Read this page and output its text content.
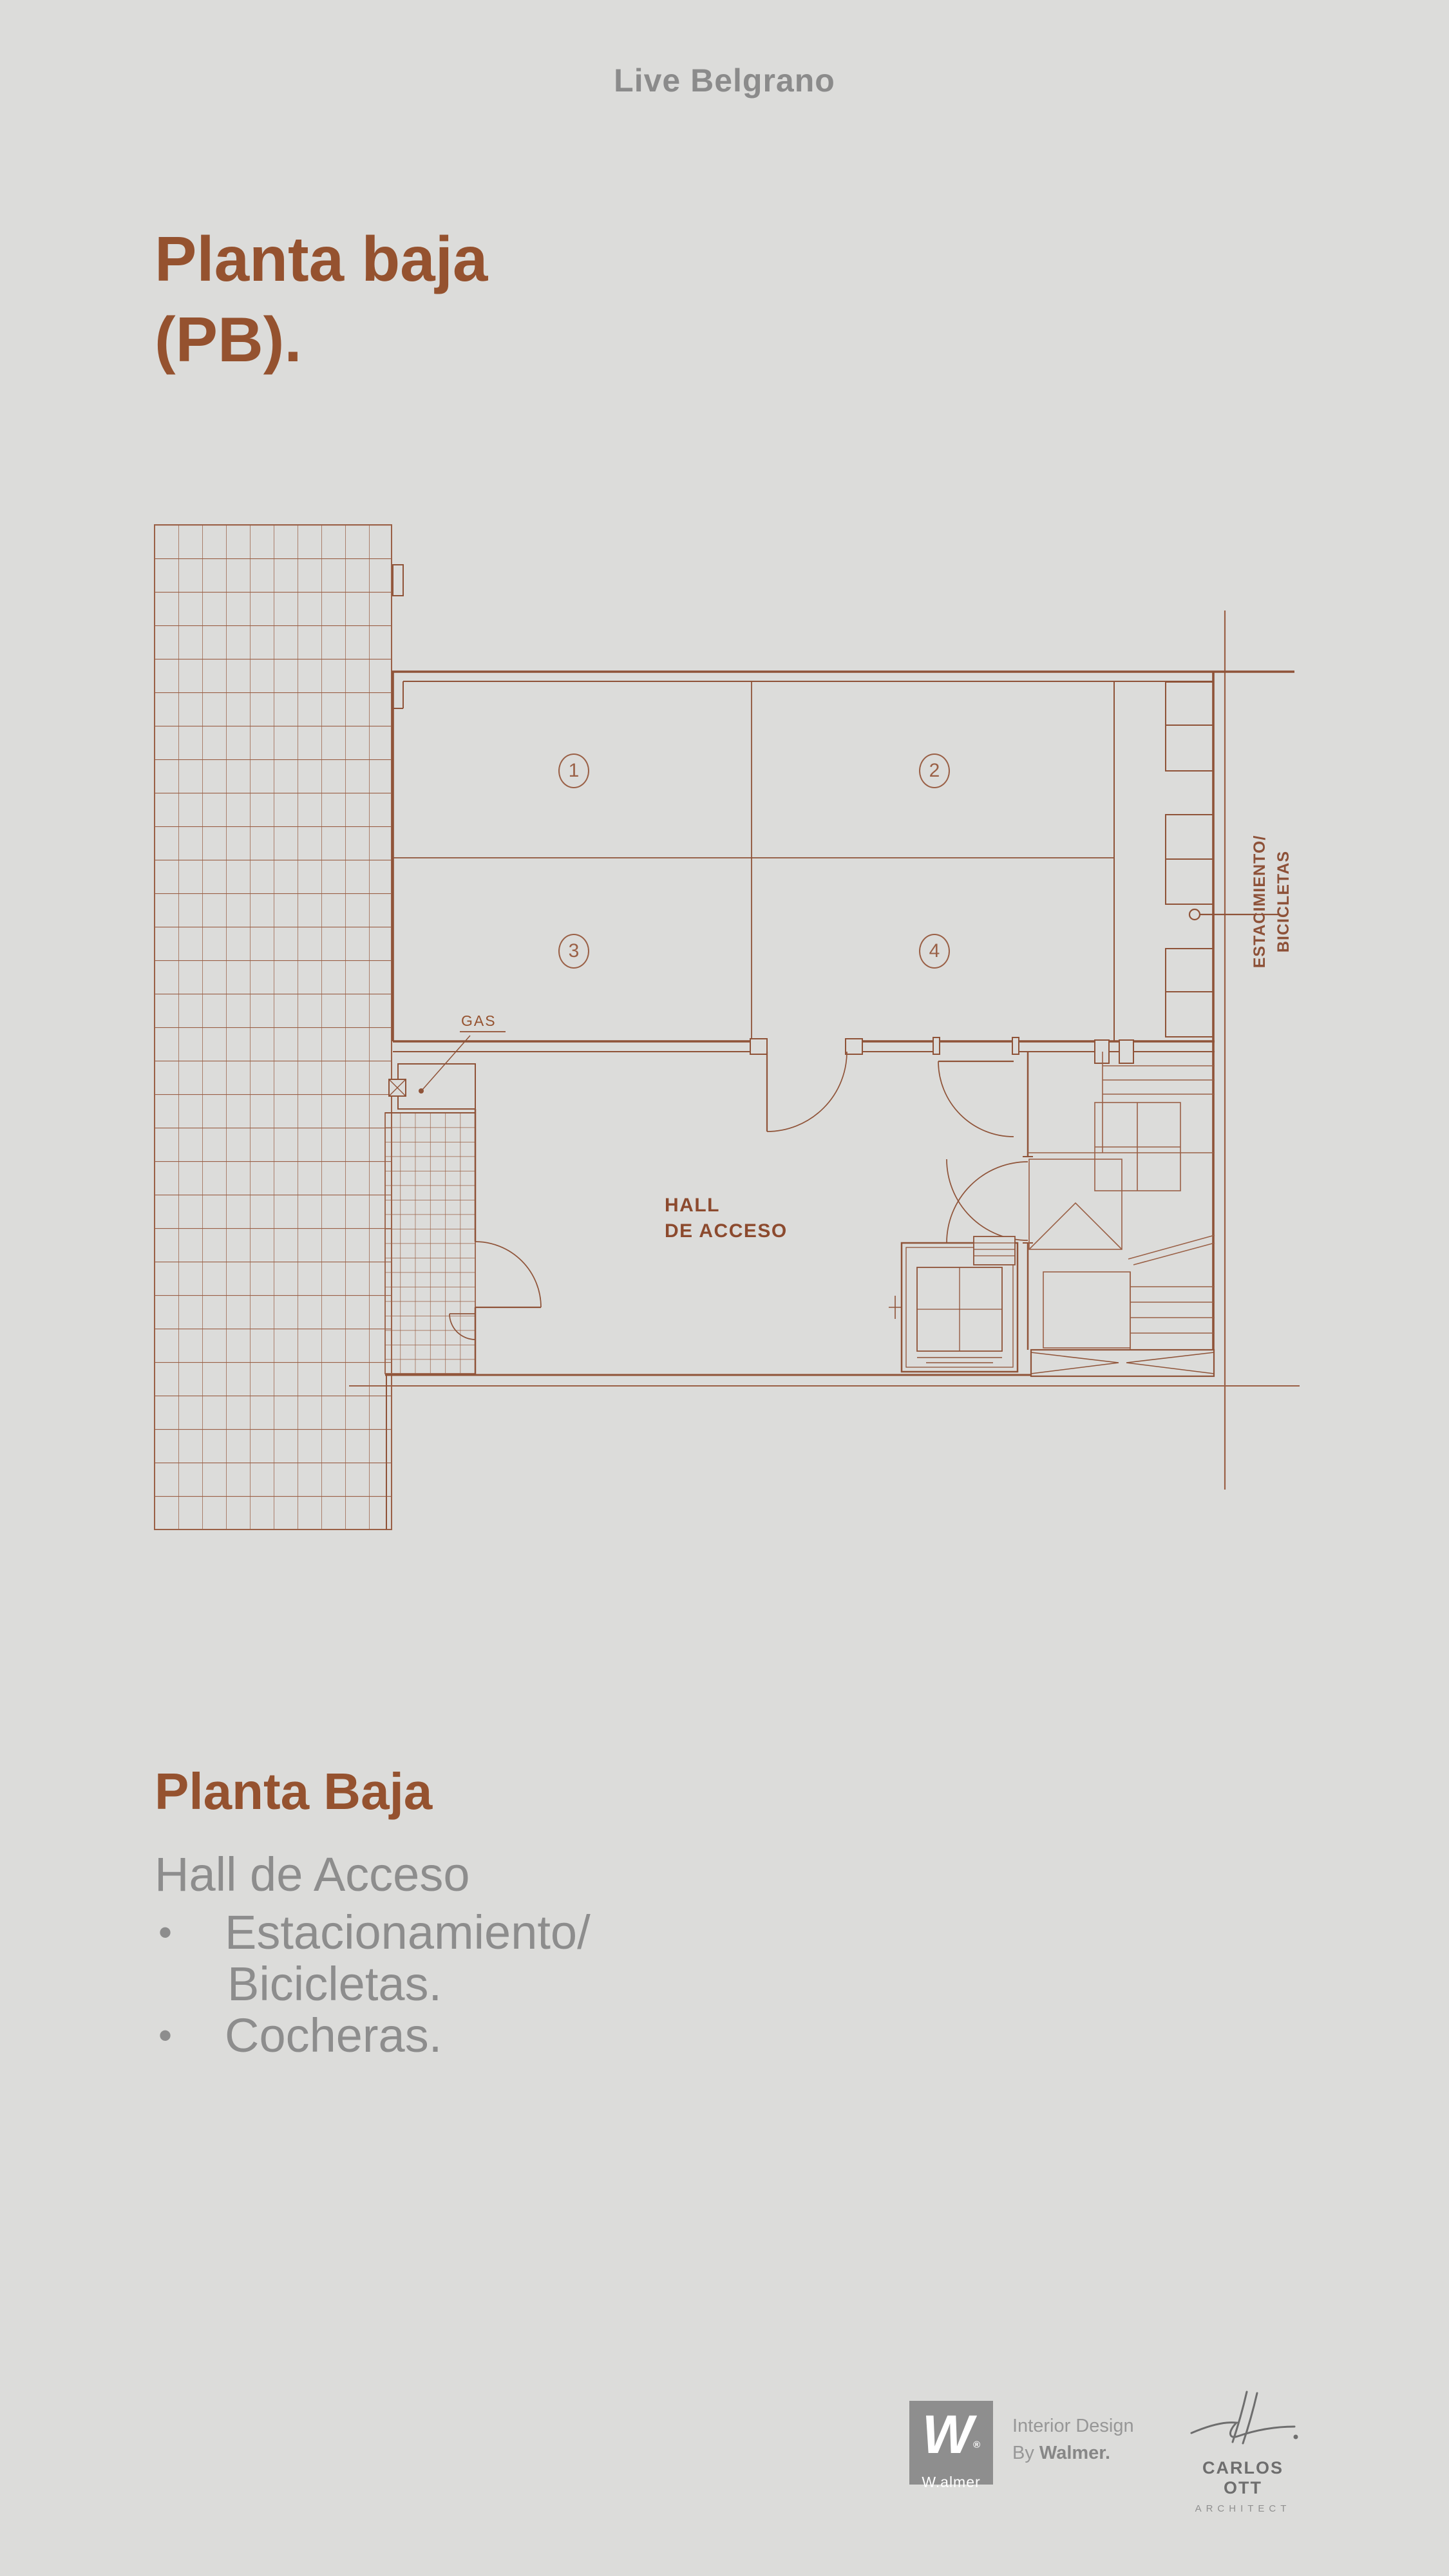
Live Belgrano
Planta baja
(PB).
1	2
3	4
GAS
HALL
DE ACCESO
ESTACIMIENTO/ BICICLETAS
Planta Baja
Hall de Acceso
•	Estacionamiento/
Bicicletas.
•	Cocheras.
W®
W.almer
Interior Design
By Walmer.
CARLOS OTT
ARCHITECT
